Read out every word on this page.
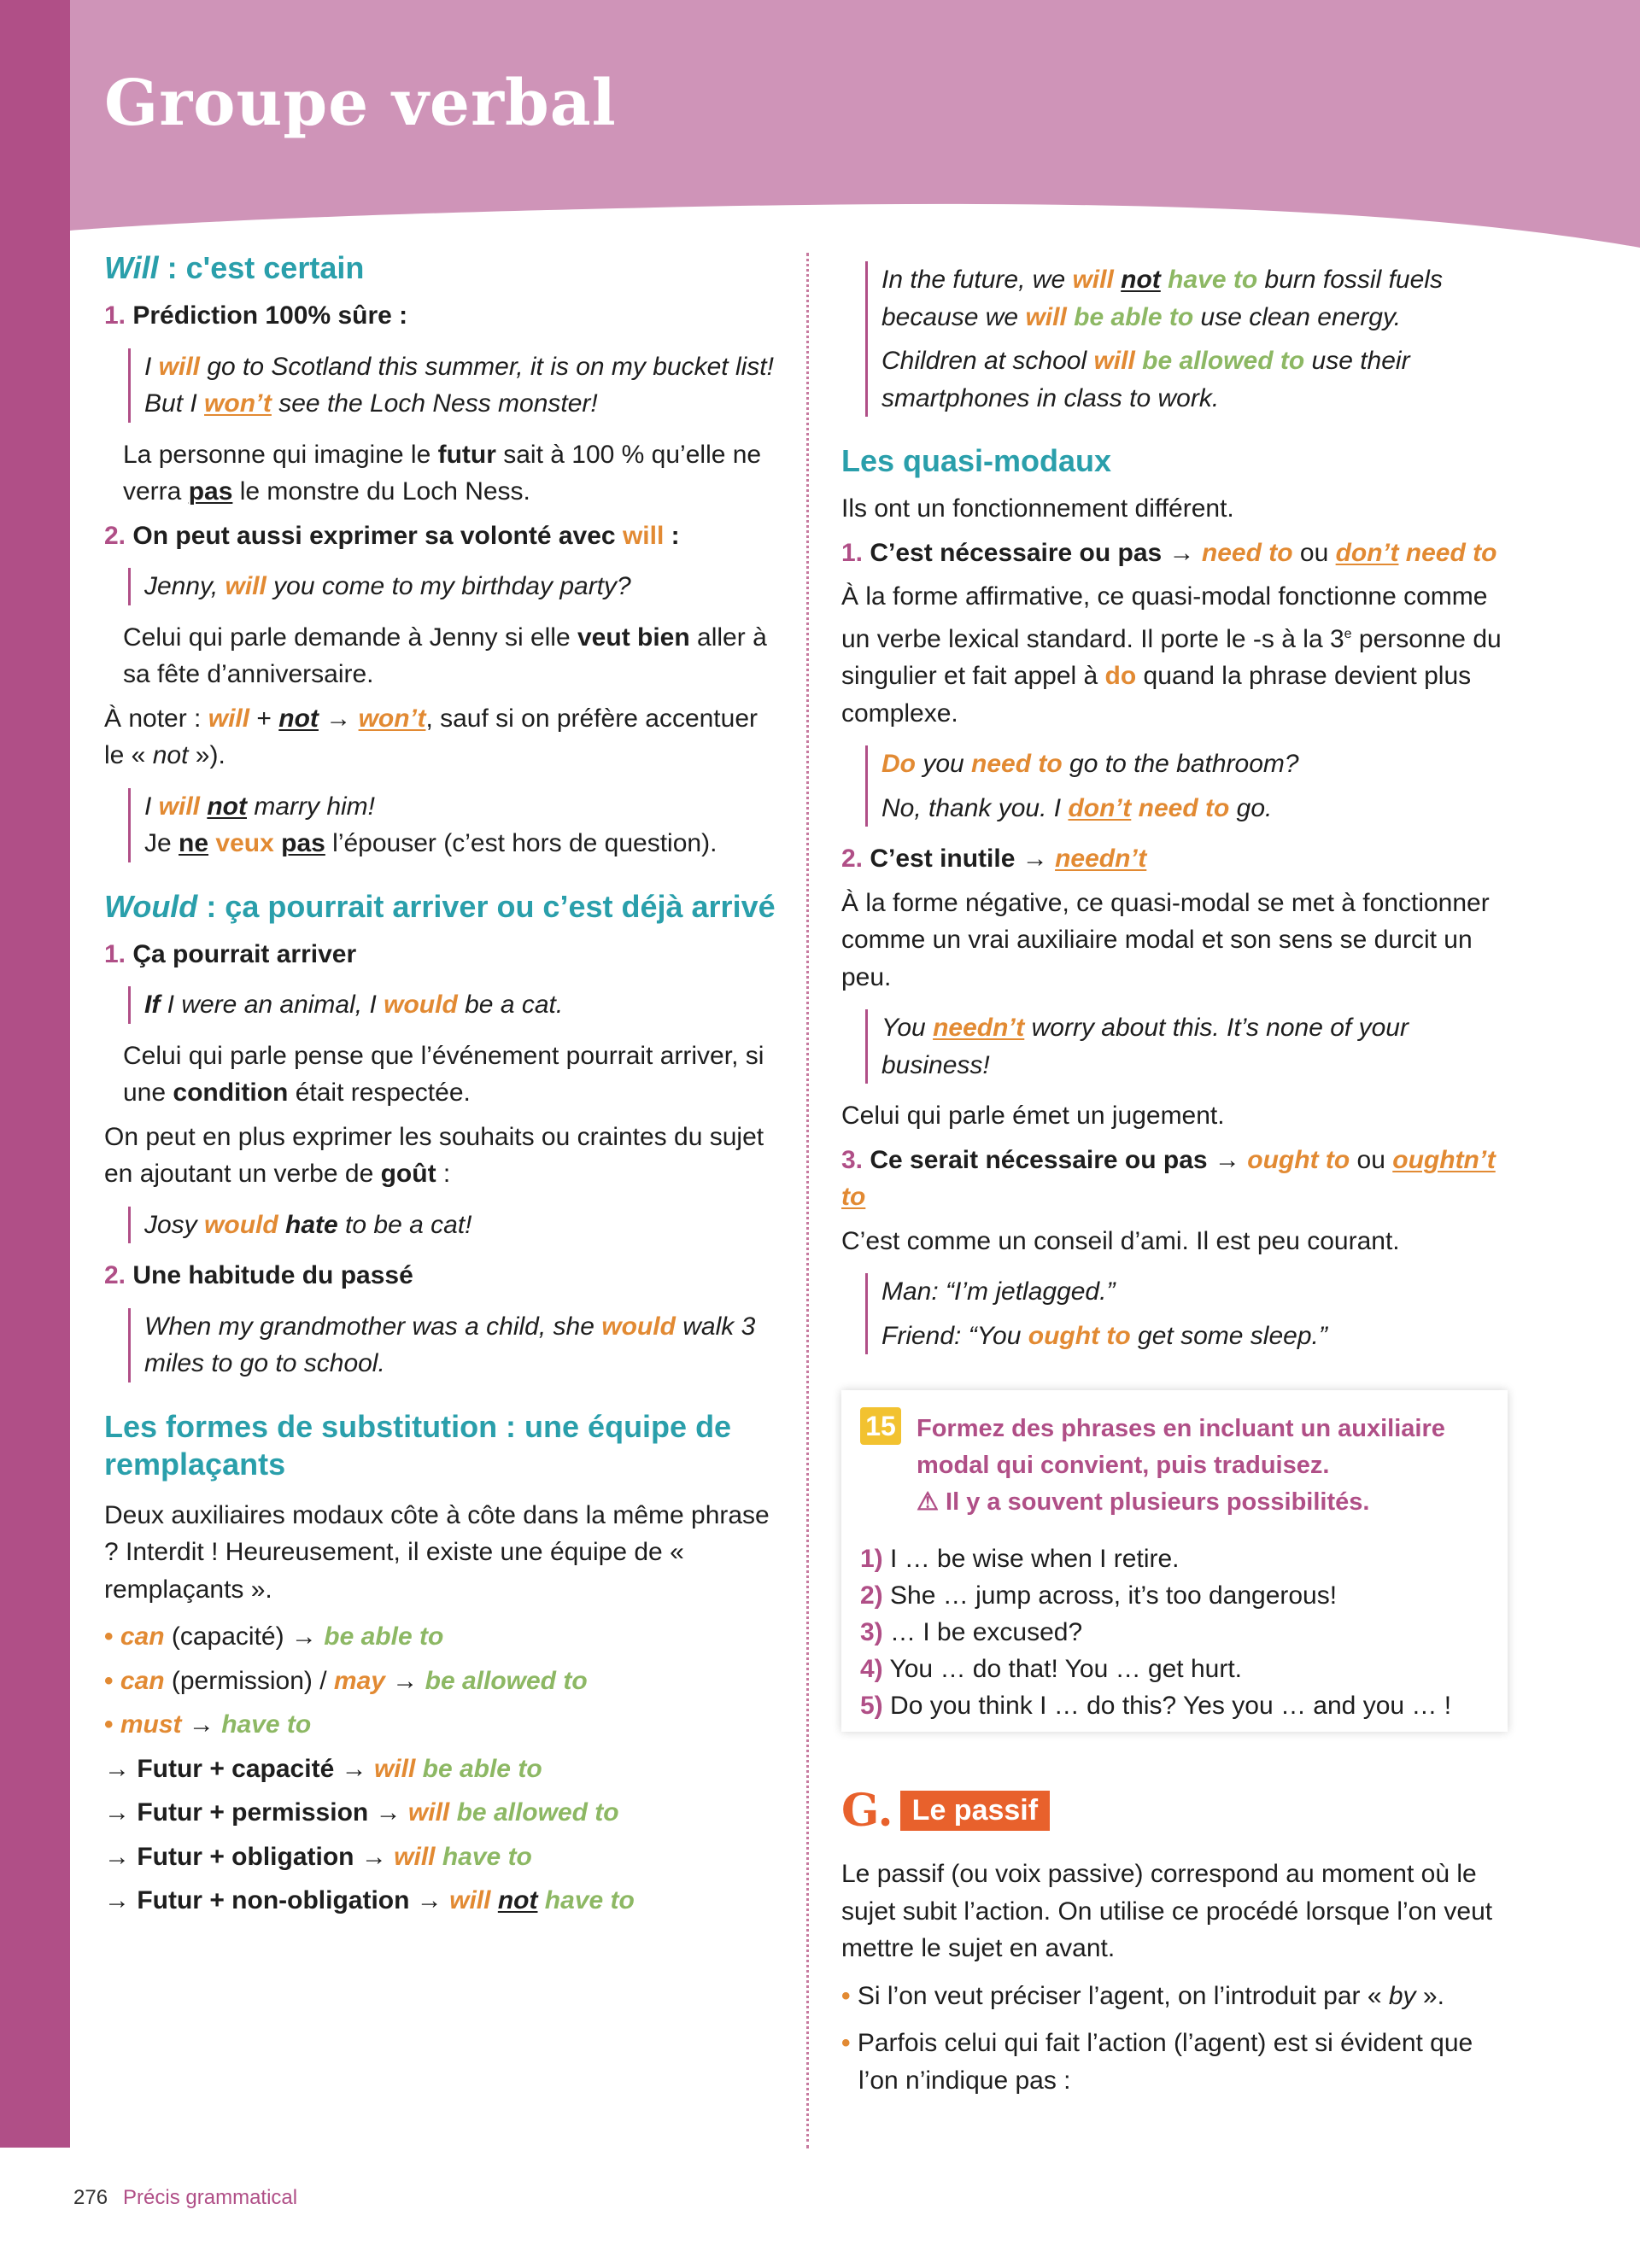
Groupe verbal
Will : c'est certain

1. Prédiction 100% sûre :

I will go to Scotland this summer, it is on my bucket list! But I won’t see the Loch Ness monster!

La personne qui imagine le futur sait à 100 % qu’elle ne verra pas le monstre du Loch Ness.

2. On peut aussi exprimer sa volonté avec will :

Jenny, will you come to my birthday party?

Celui qui parle demande à Jenny si elle veut bien aller à sa fête d’anniversaire.

À noter : will + not → won’t, sauf si on préfère accentuer le « not »).

I will not marry him!

Je ne veux pas l’épouser (c’est hors de question).

Would : ça pourrait arriver ou c’est déjà arrivé

1. Ça pourrait arriver

If I were an animal, I would be a cat.

Celui qui parle pense que l’événement pourrait arriver, si une condition était respectée.

On peut en plus exprimer les souhaits ou craintes du sujet en ajoutant un verbe de goût :

Josy would hate to be a cat!

2. Une habitude du passé

When my grandmother was a child, she would walk 3 miles to go to school.

Les formes de substitution : une équipe de remplaçants

Deux auxiliaires modaux côte à côte dans la même phrase ? Interdit ! Heureusement, il existe une équipe de « remplaçants ».

• can (capacité) → be able to

• can (permission) / may → be allowed to

• must → have to

→ Futur + capacité → will be able to

→ Futur + permission → will be allowed to

→ Futur + obligation → will have to

→ Futur + non-obligation → will not have to

In the future, we will not have to burn fossil fuels because we will be able to use clean energy.

Children at school will be allowed to use their smartphones in class to work.

Les quasi-modaux

Ils ont un fonctionnement différent.

1. C’est nécessaire ou pas → need to ou don’t need to

À la forme affirmative, ce quasi-modal fonctionne comme un verbe lexical standard. Il porte le -s à la 3e personne du singulier et fait appel à do quand la phrase devient plus complexe.

Do you need to go to the bathroom?

No, thank you. I don’t need to go.

2. C’est inutile → needn’t

À la forme négative, ce quasi-modal se met à fonctionner comme un vrai auxiliaire modal et son sens se durcit un peu.

You needn’t worry about this. It’s none of your business!

Celui qui parle émet un jugement.

3. Ce serait nécessaire ou pas → ought to ou oughtn’t to

C’est comme un conseil d’ami. Il est peu courant.

Man: “I’m jetlagged.”

Friend: “You ought to get some sleep.”

15 Formez des phrases en incluant un auxiliaire modal qui convient, puis traduisez.
⚠ Il y a souvent plusieurs possibilités.

1) I … be wise when I retire.

2) She … jump across, it’s too dangerous!

3) … I be excused?

4) You … do that! You … get hurt.

5) Do you think I … do this? Yes you … and you … !

G. Le passif

Le passif (ou voix passive) correspond au moment où le sujet subit l’action. On utilise ce procédé lorsque l’on veut mettre le sujet en avant.

• Si l’on veut préciser l’agent, on l’introduit par « by ».

• Parfois celui qui fait l’action (l’agent) est si évident que l’on n’indique pas :

276 Précis grammatical
